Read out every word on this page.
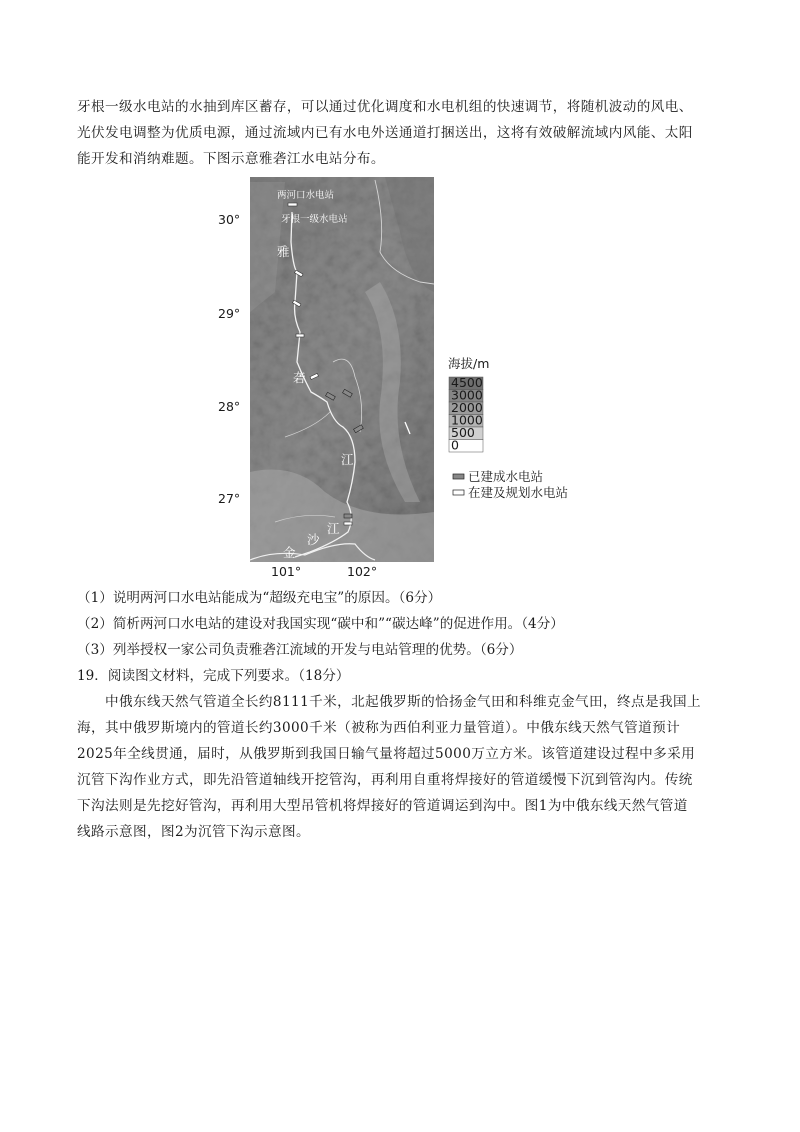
牙根一级水电站的水抽到库区蓄存，可以通过优化调度和水电机组的快速调节，将随机波动的风电、
光伏发电调整为优质电源，通过流域内已有水电外送通道打捆送出，这将有效破解流域内风能、太阳
能开发和消纳难题。下图示意雅砻江水电站分布。
两河口水电站
牙根一级水电站
雅
砻
江
江
金
沙
30°
29°
28°
27°
101°	102°
海拔/m
4500
3000
2000
1000
500
0
已建成水电站
在建及规划水电站
（1）说明两河口水电站能成为“超级充电宝”的原因。（6分）
（2）简析两河口水电站的建设对我国实现“碳中和”“碳达峰”的促进作用。（4分）
（3）列举授权一家公司负责雅砻江流域的开发与电站管理的优势。（6分）
19．阅读图文材料，完成下列要求。（18分）
中俄东线天然气管道全长约8111千米，北起俄罗斯的恰扬金气田和科维克金气田，终点是我国上
海，其中俄罗斯境内的管道长约3000千米（被称为西伯利亚力量管道）。中俄东线天然气管道预计
2025年全线贯通，届时，从俄罗斯到我国日输气量将超过5000万立方米。该管道建设过程中多采用
沉管下沟作业方式，即先沿管道轴线开挖管沟，再利用自重将焊接好的管道缓慢下沉到管沟内。传统
下沟法则是先挖好管沟，再利用大型吊管机将焊接好的管道调运到沟中。图1为中俄东线天然气管道
线路示意图，图2为沉管下沟示意图。
